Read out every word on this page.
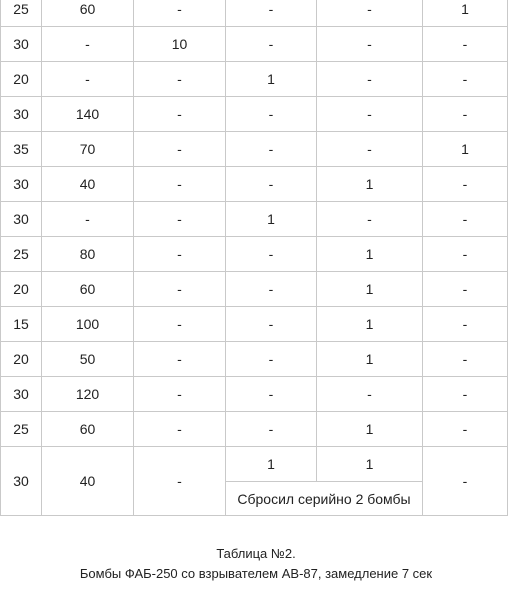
25	60	-	-	-	1
30	-	10	-	-	-
20	-	-	1	-	-
30	140	-	-	-	-
35	70	-	-	-	1
30	40	-	-	1	-
30	-	-	1	-	-
25	80	-	-	1	-
20	60	-	-	1	-
15	100	-	-	1	-
20	50	-	-	1	-
30	120	-	-	-	-
25	60	-	-	1	-
30	40	-	1	1	-
			Сбросил серийно 2 бомбы		
Таблица №2.
Бомбы ФАБ-250 со взрывателем АВ-87, замедление 7 сек
